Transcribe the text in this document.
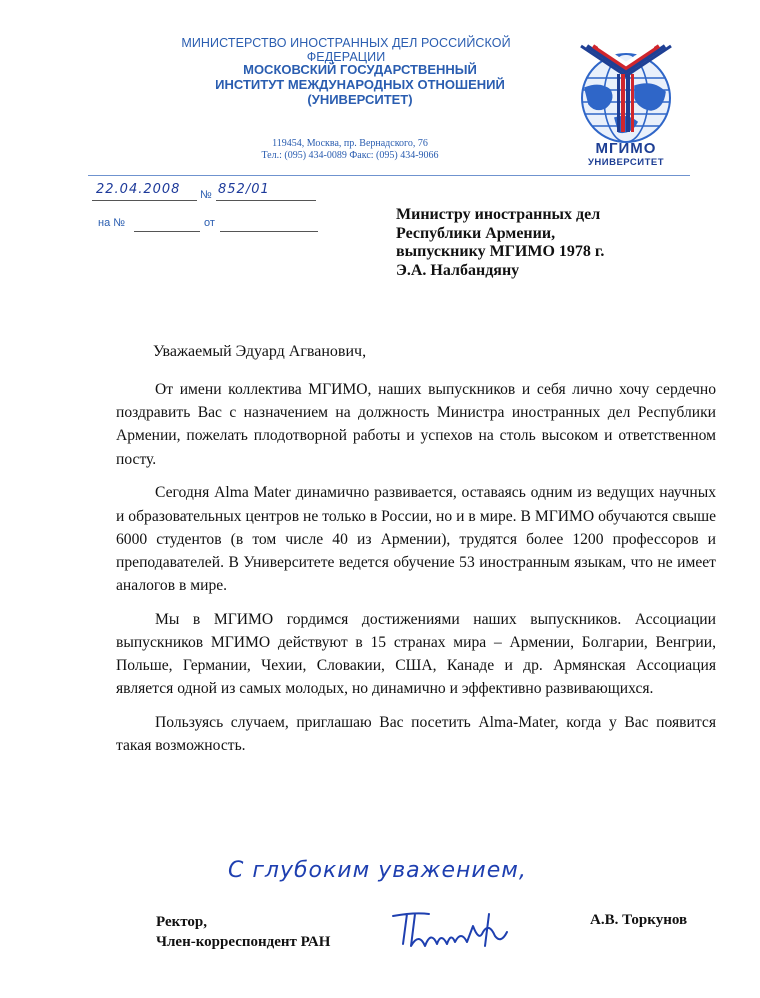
МИНИСТЕРСТВО ИНОСТРАННЫХ ДЕЛ РОССИЙСКОЙ ФЕДЕРАЦИИ
МОСКОВСКИЙ ГОСУДАРСТВЕННЫЙ
ИНСТИТУТ МЕЖДУНАРОДНЫХ ОТНОШЕНИЙ
(УНИВЕРСИТЕТ)
119454, Москва, пр. Вернадского, 76
Тел.: (095) 434-0089 Факс: (095) 434-9066	МГИМО
УНИВЕРСИТЕТ
22.04.2008 № 852/01
на №	от	Министру иностранных дел
Республики Армении,
выпускнику МГИМО 1978 г.
Э.А. Налбандяну
Уважаемый Эдуард Агванович,

От имени коллектива МГИМО, наших выпускников и себя лично хочу сердечно поздравить Вас с назначением на должность Министра иностранных дел Республики Армении, пожелать плодотворной работы и успехов на столь высоком и ответственном посту.

Сегодня Alma Mater динамично развивается, оставаясь одним из ведущих научных и образовательных центров не только в России, но и в мире. В МГИМО обучаются свыше 6000 студентов (в том числе 40 из Армении), трудятся более 1200 профессоров и преподавателей. В Университете ведется обучение 53 иностранным языкам, что не имеет аналогов в мире.

Мы в МГИМО гордимся достижениями наших выпускников. Ассоциации выпускников МГИМО действуют в 15 странах мира – Армении, Болгарии, Венгрии, Польше, Германии, Чехии, Словакии, США, Канаде и др. Армянская Ассоциация является одной из самых молодых, но динамично и эффективно развивающихся.

Пользуясь случаем, приглашаю Вас посетить Alma-Mater, когда у Вас появится такая возможность.

С глубоким уважением,
Ректор,
Член-корреспондент РАН
А.В. Торкунов
